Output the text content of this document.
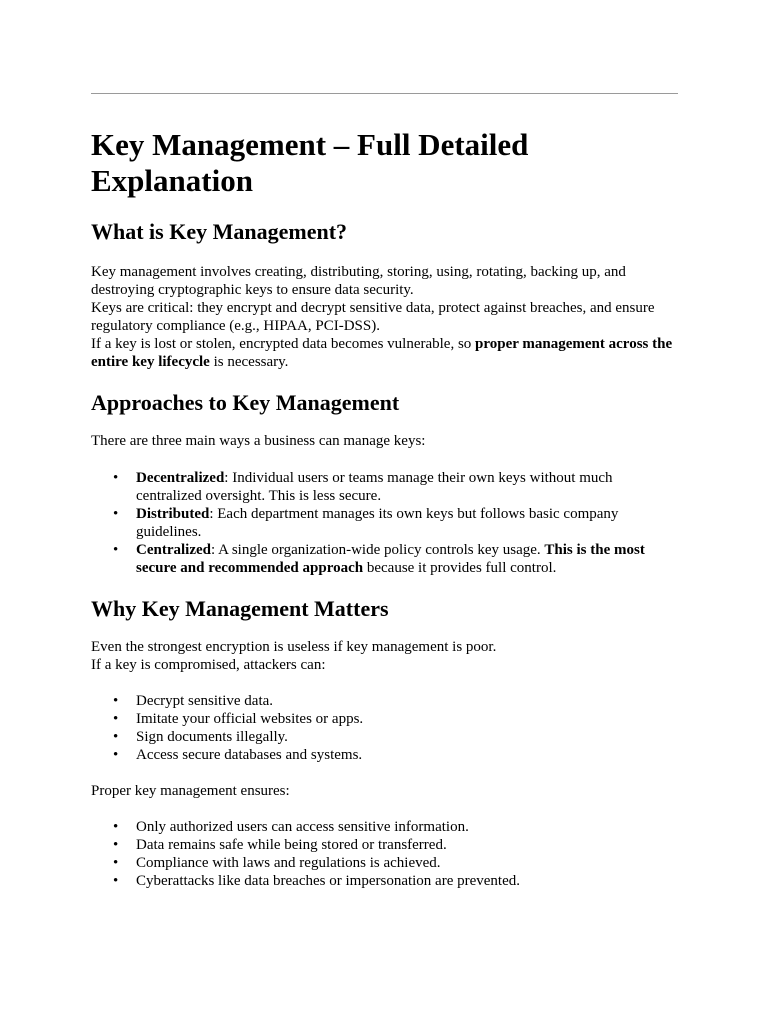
Key Management – Full Detailed Explanation
What is Key Management?
Key management involves creating, distributing, storing, using, rotating, backing up, and destroying cryptographic keys to ensure data security.
Keys are critical: they encrypt and decrypt sensitive data, protect against breaches, and ensure regulatory compliance (e.g., HIPAA, PCI-DSS).
If a key is lost or stolen, encrypted data becomes vulnerable, so proper management across the entire key lifecycle is necessary.
Approaches to Key Management

There are three main ways a business can manage keys:

• Decentralized: Individual users or teams manage their own keys without much centralized oversight. This is less secure.
• Distributed: Each department manages its own keys but follows basic company guidelines.
• Centralized: A single organization-wide policy controls key usage. This is the most secure and recommended approach because it provides full control.
Why Key Management Matters
Even the strongest encryption is useless if key management is poor.
If a key is compromised, attackers can:
• Decrypt sensitive data.
• Imitate your official websites or apps.
• Sign documents illegally.
• Access secure databases and systems.

Proper key management ensures:

• Only authorized users can access sensitive information.
• Data remains safe while being stored or transferred.
• Compliance with laws and regulations is achieved.
• Cyberattacks like data breaches or impersonation are prevented.
